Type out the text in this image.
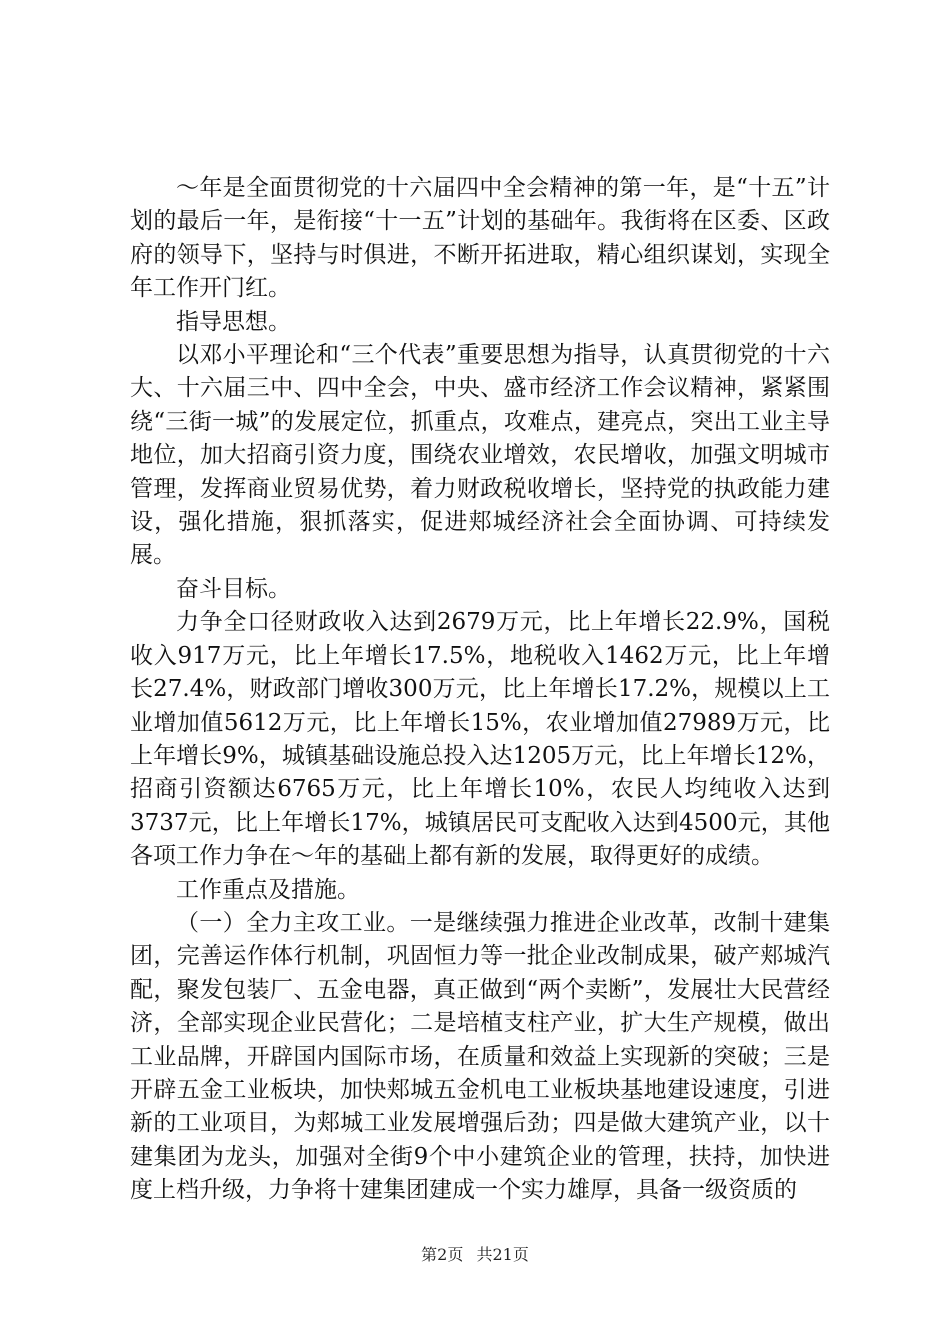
～年是全面贯彻党的十六届四中全会精神的第一年，是“十五”计划的最后一年，是衔接“十一五”计划的基础年。我街将在区委、区政府的领导下，坚持与时俱进，不断开拓进取，精心组织谋划，实现全年工作开门红。

指导思想。

以邓小平理论和“三个代表”重要思想为指导，认真贯彻党的十六大、十六届三中、四中全会，中央、盛市经济工作会议精神，紧紧围绕“三街一城”的发展定位，抓重点，攻难点，建亮点，突出工业主导地位，加大招商引资力度，围绕农业增效，农民增收，加强文明城市管理，发挥商业贸易优势，着力财政税收增长，坚持党的执政能力建设，强化措施，狠抓落实，促进郏城经济社会全面协调、可持续发展。

奋斗目标。

力争全口径财政收入达到2679万元，比上年增长22.9%，国税收入917万元，比上年增长17.5%，地税收入1462万元，比上年增长27.4%，财政部门增收300万元，比上年增长17.2%，规模以上工业增加值5612万元，比上年增长15%，农业增加值27989万元，比上年增长9%，城镇基础设施总投入达1205万元，比上年增长12%，招商引资额达6765万元，比上年增长10%，农民人均纯收入达到3737元，比上年增长17%，城镇居民可支配收入达到4500元，其他各项工作力争在～年的基础上都有新的发展，取得更好的成绩。

工作重点及措施。

（一）全力主攻工业。一是继续强力推进企业改革，改制十建集团，完善运作体行机制，巩固恒力等一批企业改制成果，破产郏城汽配，聚发包装厂、五金电器，真正做到“两个卖断”，发展壮大民营经济，全部实现企业民营化；二是培植支柱产业，扩大生产规模，做出工业品牌，开辟国内国际市场，在质量和效益上实现新的突破；三是开辟五金工业板块，加快郏城五金机电工业板块基地建设速度，引进新的工业项目，为郏城工业发展增强后劲；四是做大建筑产业，以十建集团为龙头，加强对全街9个中小建筑企业的管理，扶持，加快进度上档升级，力争将十建集团建成一个实力雄厚，具备一级资质的

第2页 共21页
